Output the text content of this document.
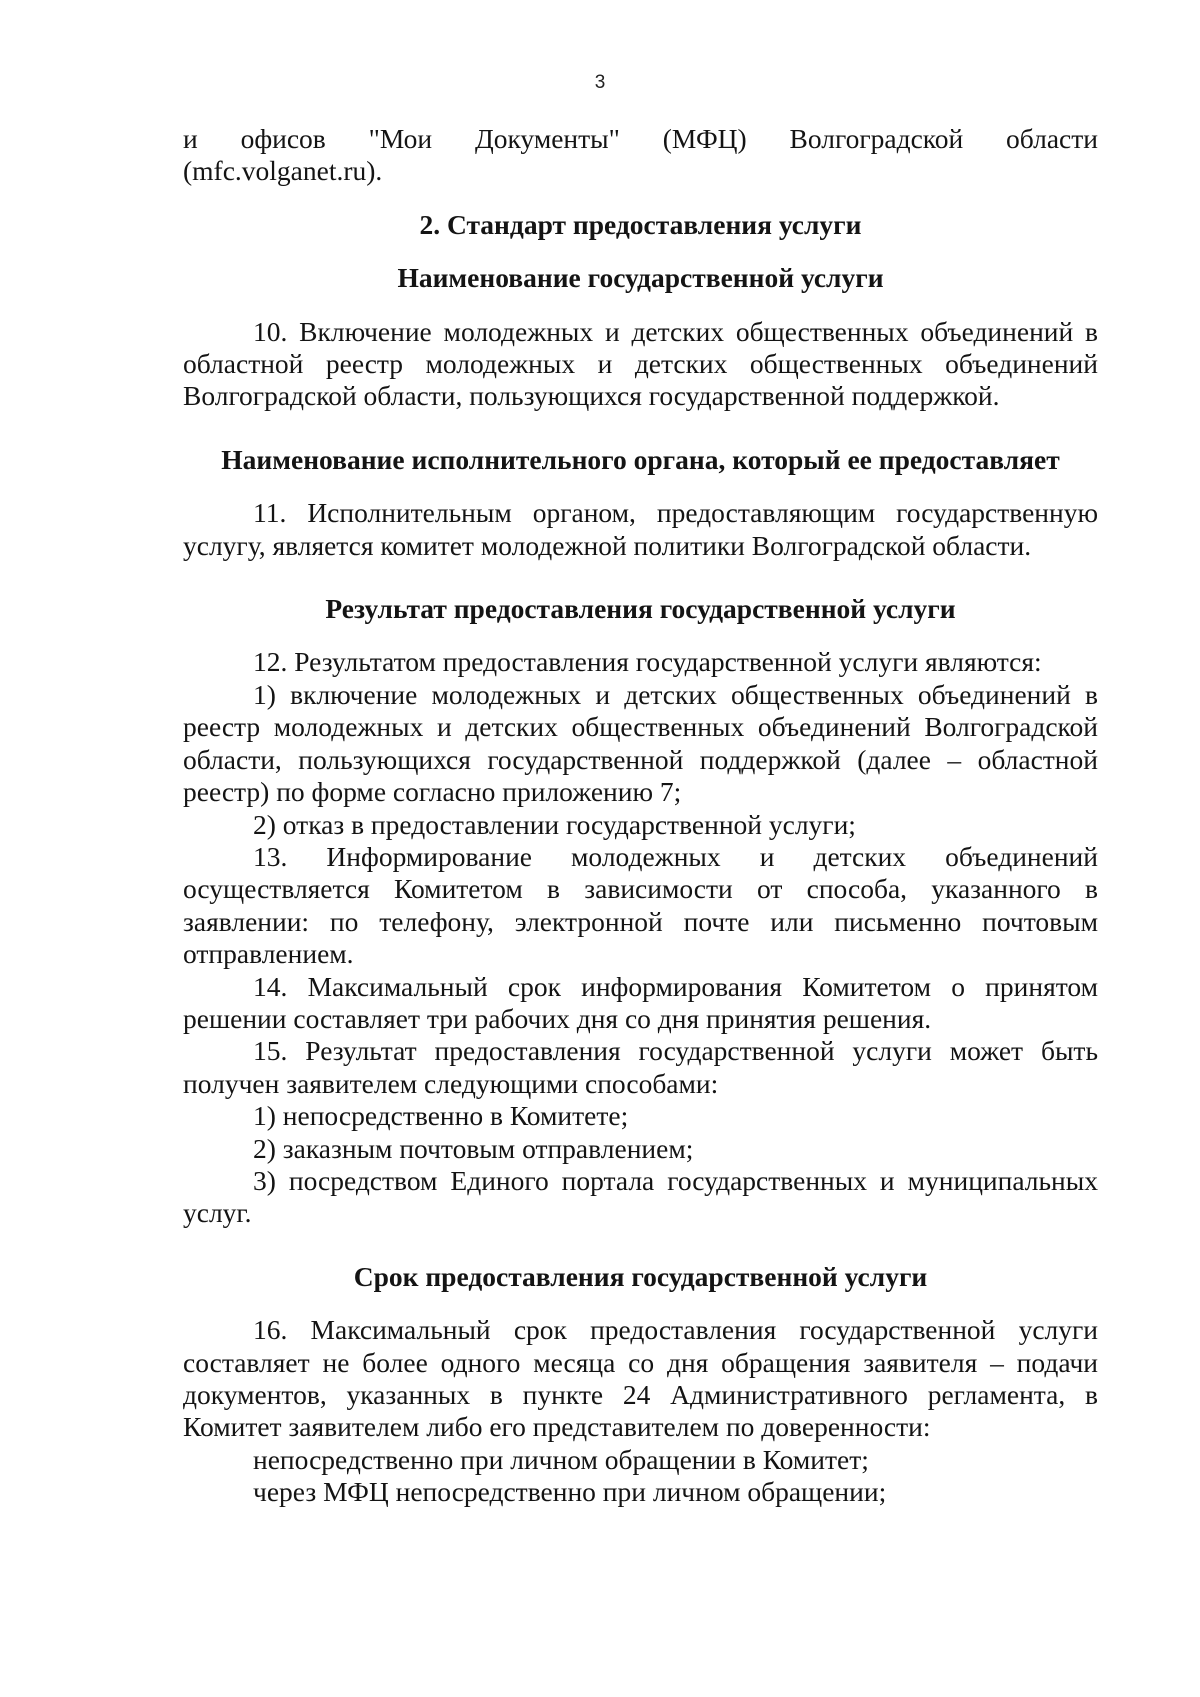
3

и офисов "Мои Документы" (МФЦ) Волгоградской области

(mfc.volganet.ru).

2. Стандарт предоставления услуги

Наименование государственной услуги

10. Включение молодежных и детских общественных объединений в областной реестр молодежных и детских общественных объединений Волгоградской области, пользующихся государственной поддержкой.

Наименование исполнительного органа, который ее предоставляет

11. Исполнительным органом, предоставляющим государственную услугу, является комитет молодежной политики Волгоградской области.

Результат предоставления государственной услуги

12. Результатом предоставления государственной услуги являются:

1) включение молодежных и детских общественных объединений в реестр молодежных и детских общественных объединений Волгоградской области, пользующихся государственной поддержкой (далее – областной реестр) по форме согласно приложению 7;

2) отказ в предоставлении государственной услуги;

13. Информирование молодежных и детских объединений осуществляется Комитетом в зависимости от способа, указанного в заявлении: по телефону, электронной почте или письменно почтовым отправлением.

14. Максимальный срок информирования Комитетом о принятом решении составляет три рабочих дня со дня принятия решения.

15. Результат предоставления государственной услуги может быть получен заявителем следующими способами:

1) непосредственно в Комитете;

2) заказным почтовым отправлением;

3) посредством Единого портала государственных и муниципальных услуг.

Срок предоставления государственной услуги

16. Максимальный срок предоставления государственной услуги составляет не более одного месяца со дня обращения заявителя – подачи документов, указанных в пункте 24 Административного регламента, в Комитет заявителем либо его представителем по доверенности:

непосредственно при личном обращении в Комитет;

через МФЦ непосредственно при личном обращении;
